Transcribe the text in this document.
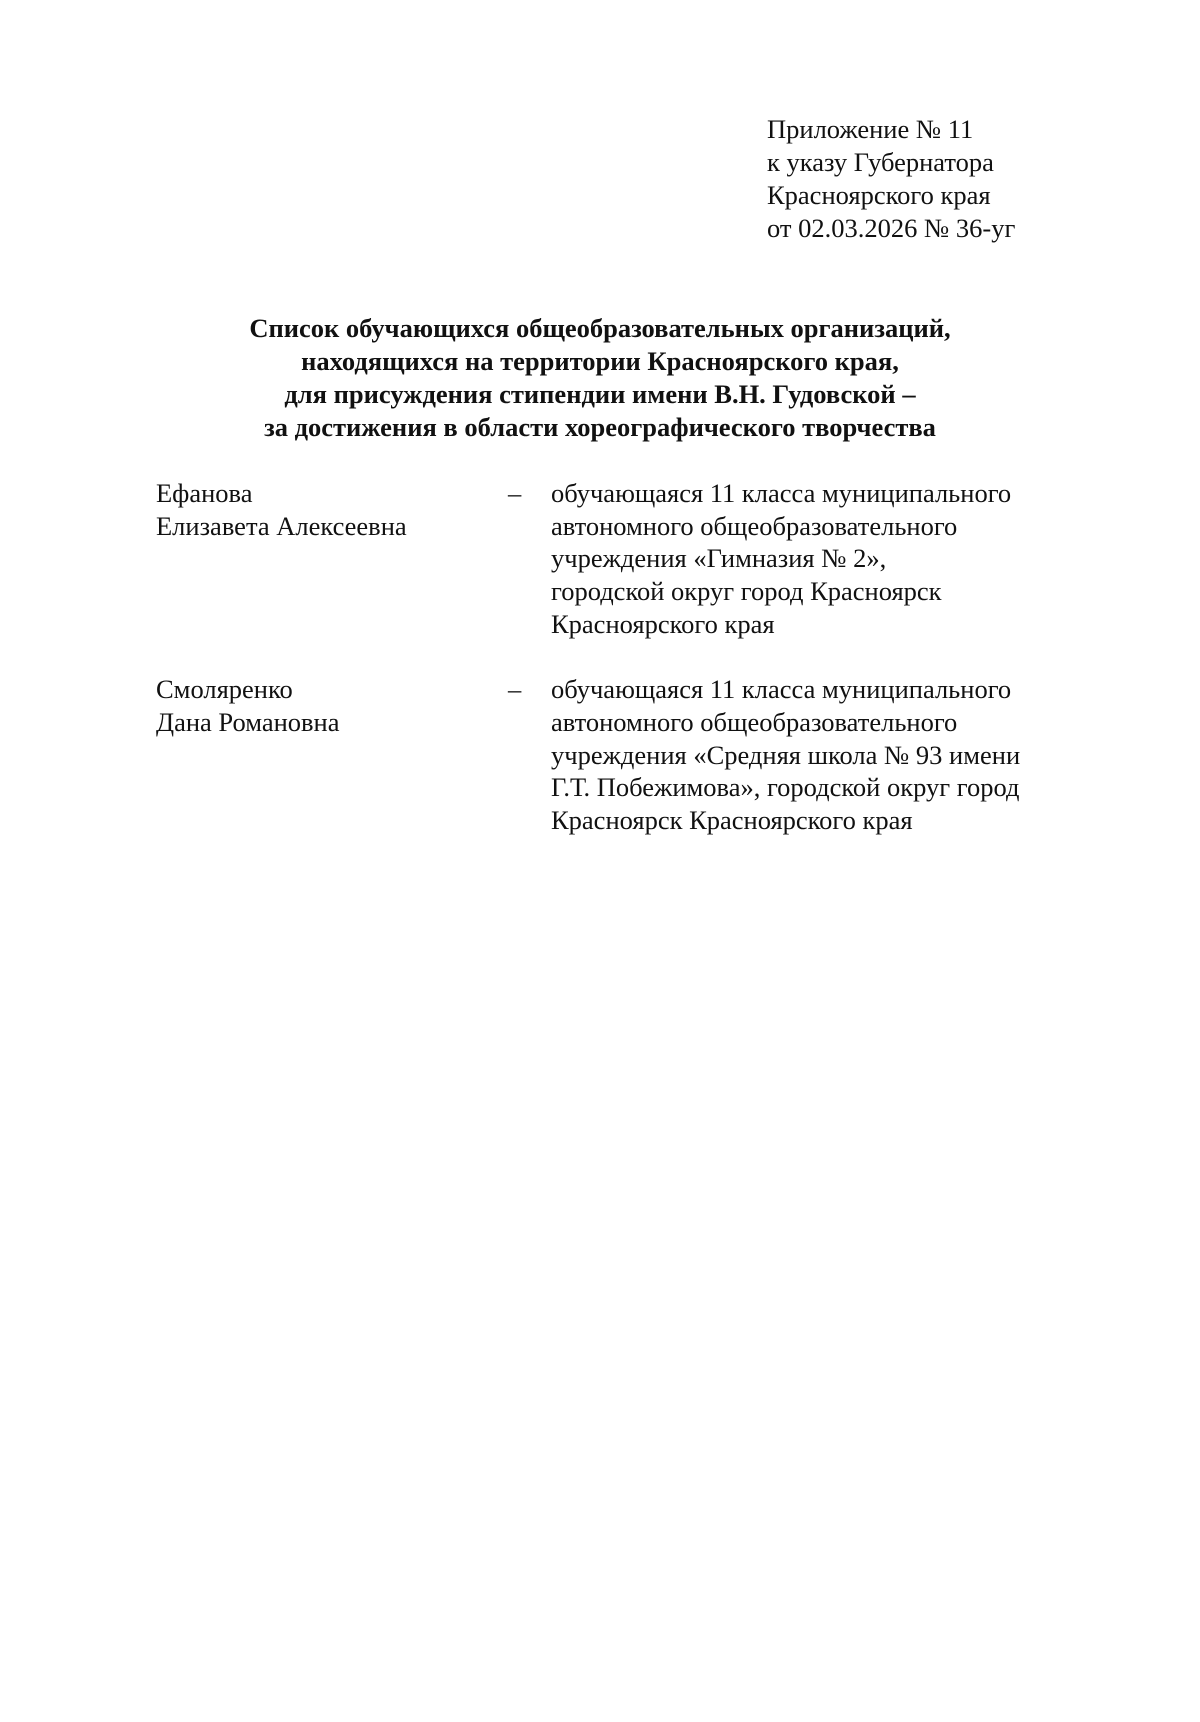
Приложение № 11
к указу Губернатора
Красноярского края
от 02.03.2026 № 36-уг
Список обучающихся общеобразовательных организаций,
находящихся на территории Красноярского края,
для присуждения стипендии имени В.Н. Гудовской –
за достижения в области хореографического творчества
Ефанова
Елизавета Алексеевна
–	обучающаяся 11 класса муниципального
автономного общеобразовательного
учреждения «Гимназия № 2»,
городской округ город Красноярск
Красноярского края
Смоляренко
Дана Романовна
–	обучающаяся 11 класса муниципального
автономного общеобразовательного
учреждения «Средняя школа № 93 имени
Г.Т. Побежимова», городской округ город
Красноярск Красноярского края
